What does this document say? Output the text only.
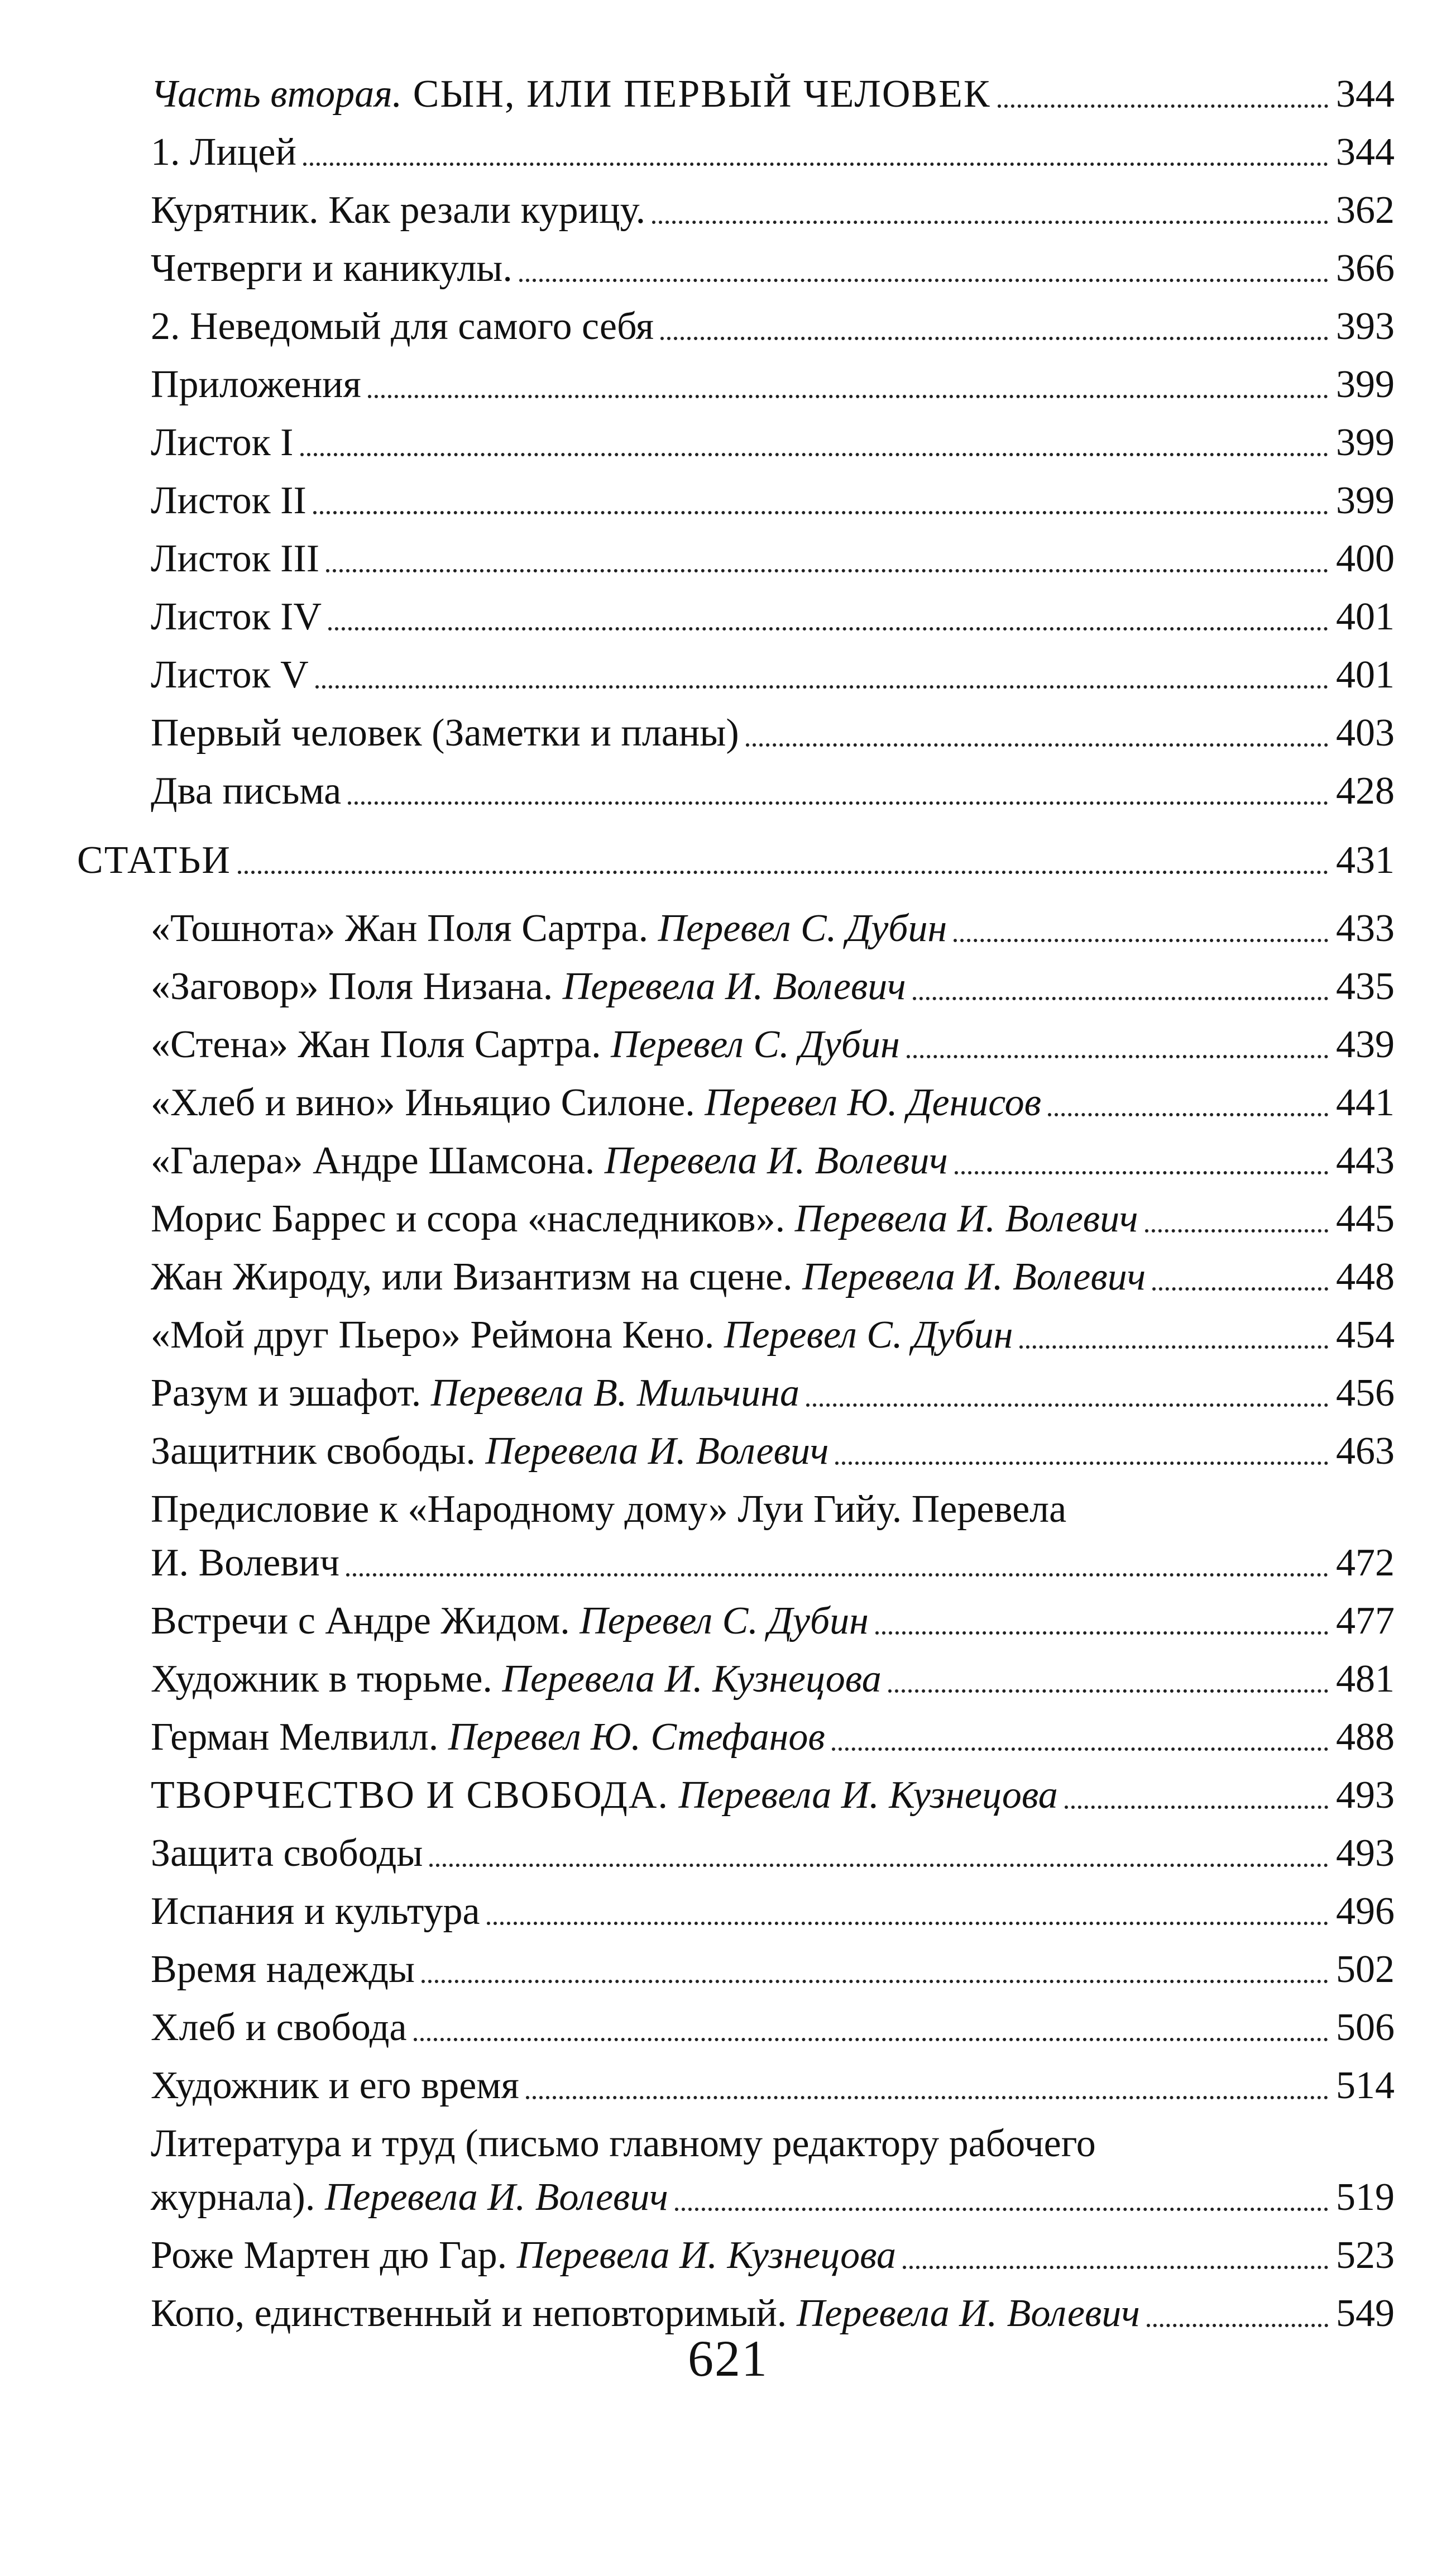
Часть вторая. СЫН, ИЛИ ПЕРВЫЙ ЧЕЛОВЕК	344
1. Лицей	344
Курятник. Как резали курицу.	362
Четверги и каникулы.	366
2. Неведомый для самого себя	393
Приложения	399
Листок I	399
Листок II	399
Листок III	400
Листок IV	401
Листок V	401
Первый человек (Заметки и планы)	403
Два письма	428
СТАТЬИ	431
«Тошнота» Жан Поля Сартра. Перевел С. Дубин	433
«Заговор» Поля Низана. Перевела И. Волевич	435
«Стена» Жан Поля Сартра. Перевел С. Дубин	439
«Хлеб и вино» Иньяцио Силоне. Перевел Ю. Денисов	441
«Галера» Андре Шамсона. Перевела И. Волевич	443
Морис Баррес и ссора «наследников». Перевела И. Волевич	445
Жан Жироду, или Византизм на сцене. Перевела И. Волевич	448
«Мой друг Пьеро» Реймона Кено. Перевел С. Дубин	454
Разум и эшафот. Перевела В. Мильчина	456
Защитник свободы. Перевела И. Волевич	463
Предисловие к «Народному дому» Луи Гийу.
Перевела
И. Волевич	472
Встречи с Андре Жидом. Перевел С. Дубин	477
Художник в тюрьме. Перевела И. Кузнецова	481
Герман Мелвилл. Перевел Ю. Стефанов	488
ТВОРЧЕСТВО И СВОБОДА. Перевела И. Кузнецова	493
Защита свободы	493
Испания и культура	496
Время надежды	502
Хлеб и свобода	506
Художник и его время	514
Литература и труд (письмо главному редактору рабочего
журнала). Перевела И. Волевич	519
Роже Мартен дю Гар. Перевела И. Кузнецова	523
Копо, единственный и неповторимый. Перевела И. Волевич	549
621
